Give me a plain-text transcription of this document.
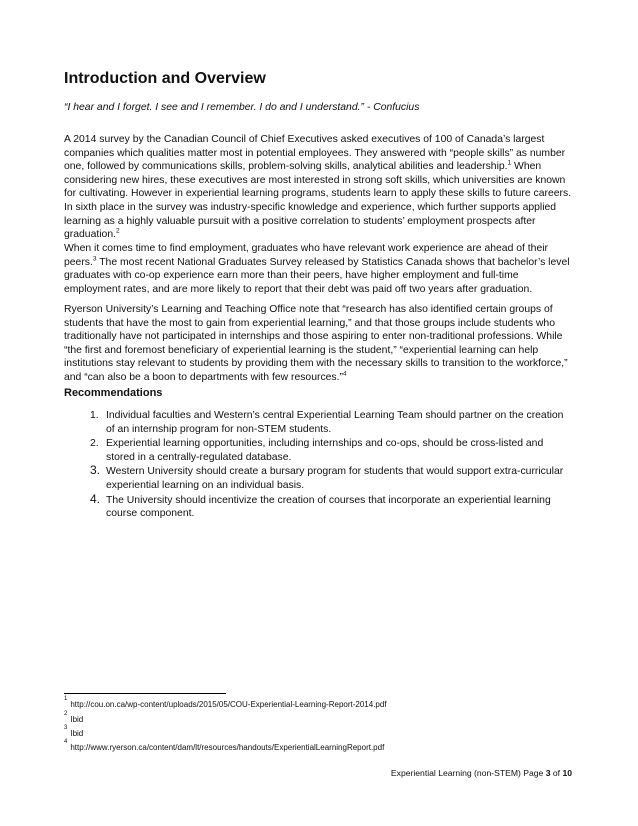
Introduction and Overview

“I hear and I forget. I see and I remember. I do and I understand.” - Confucius

A 2014 survey by the Canadian Council of Chief Executives asked executives of 100 of Canada’s largest companies which qualities matter most in potential employees. They answered with “people skills” as number one, followed by communications skills, problem-solving skills, analytical abilities and leadership.$^1$ When considering new hires, these executives are most interested in strong soft skills, which universities are known for cultivating. However in experiential learning programs, students learn to apply these skills to future careers. In sixth place in the survey was industry-specific knowledge and experience, which further supports applied learning as a highly valuable pursuit with a positive correlation to students’ employment prospects after graduation.$^2$

When it comes time to find employment, graduates who have relevant work experience are ahead of their peers.$^3$ The most recent National Graduates Survey released by Statistics Canada shows that bachelor’s level graduates with co-op experience earn more than their peers, have higher employment and full-time employment rates, and are more likely to report that their debt was paid off two years after graduation.

Ryerson University’s Learning and Teaching Office note that “research has also identified certain groups of students that have the most to gain from experiential learning,” and that those groups include students who traditionally have not participated in internships and those aspiring to enter non-traditional professions. While “the first and foremost beneficiary of experiential learning is the student,” “experiential learning can help institutions stay relevant to students by providing them with the necessary skills to transition to the workforce,” and “can also be a boon to departments with few resources.”$^4$

Recommendations
1. Individual faculties and Western’s central Experiential Learning Team should partner on the creation of an internship program for non-STEM students.
2. Experiential learning opportunities, including internships and co-ops, should be cross-listed and stored in a centrally-regulated database.
3. Western University should create a bursary program for students that would support extra-curricular experiential learning on an individual basis.
4. The University should incentivize the creation of courses that incorporate an experiential learning course component.
$^1$http://cou.on.ca/wp-content/uploads/2015/05/COU-Experiential-Learning-Report-2014.pdf
$^2$Ibid
$^3$Ibid
$^4$http://www.ryerson.ca/content/dam/lt/resources/handouts/ExperientialLearningReport.pdf
Experiential Learning (non-STEM) Page 3 of 10
